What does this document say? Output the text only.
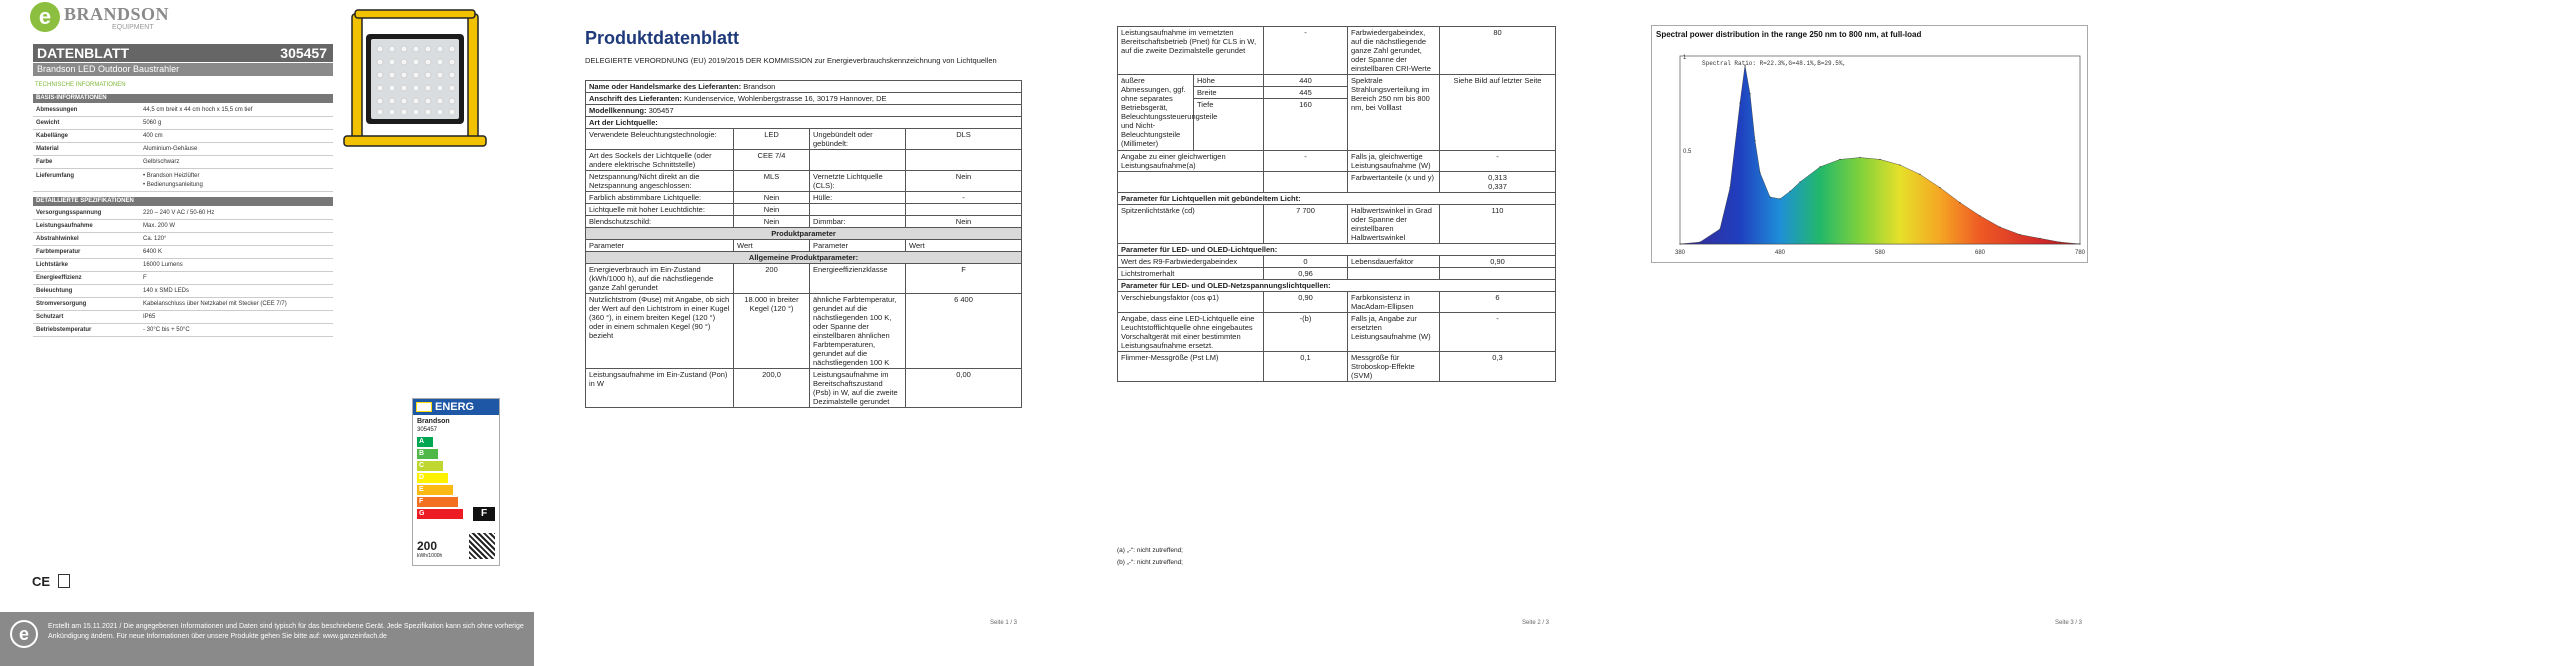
e BRANDSON
EQUIPMENT
DATENBLATT	305457
Brandson LED Outdoor Baustrahler
TECHNISCHE INFORMATIONEN
BASIS-INFORMATIONEN
Abmessungen	44,5 cm breit x 44 cm hoch x 15,5 cm tief
Gewicht	5060 g
Kabellänge	400 cm
Material	Aluminium-Gehäuse
Farbe	Gelb/schwarz
Lieferumfang	• Brandson Heizlüfter
• Bedienungsanleitung
DETAILLIERTE SPEZIFIKATIONEN
Versorgungsspannung	220 – 240 V AC / 50-60 Hz
Leistungsaufnahme	Max. 200 W
Abstrahlwinkel	Ca. 120°
Farbtemperatur	6400 K
Lichtstärke	16000 Lumens
Energieeffizienz	F
Beleuchtung	140 x SMD LEDs
Stromversorgung	Kabelanschluss über Netzkabel mit Stecker (CEE 7/7)
Schutzart	IP65
Betriebstemperatur	- 30°C bis + 50°C
ENERG
Brandson
305457
A
B
C
D
E
F
G	F
200
kWh/1000h
CE
Erstellt am 15.11.2021 / Die angegebenen Informationen und Daten sind typisch für das beschriebene Gerät. Jede Spezifikation kann sich ohne vorherige Ankündigung ändern. Für neue Informationen über unsere Produkte gehen Sie bitte auf: www.ganzeinfach.de
e
Produktdatenblatt
DELEGIERTE VERORDNUNG (EU) 2019/2015 DER KOMMISSION zur Energieverbrauchskennzeichnung von Lichtquellen
Name oder Handelsmarke des Lieferanten: Brandson			
Anschrift des Lieferanten: Kundenservice, Wohlenbergstrasse 16, 30179 Hannover, DE			
Modellkennung: 305457			
Art der Lichtquelle:			
Verwendete Beleuchtungstechnologie:	LED	Ungebündelt oder gebündelt:	DLS
Art des Sockels der Lichtquelle (oder andere elektrische Schnittstelle)	CEE 7/4		
Netzspannung/Nicht direkt an die Netzspannung angeschlossen:	MLS	Vernetzte Lichtquelle (CLS):	Nein
Farblich abstimmbare Lichtquelle:	Nein	Hülle:	-
Lichtquelle mit hoher Leuchtdichte:	Nein		
Blendschutzschild:	Nein	Dimmbar:	Nein
Produktparameter			
Parameter	Wert	Parameter	Wert
Allgemeine Produktparameter:			
Energieverbrauch im Ein-Zustand (kWh/1000 h), auf die nächstliegende ganze Zahl gerundet	200	Energieeffizienzklasse	F
Nutzlichtstrom (Φuse) mit Angabe, ob sich der Wert auf den Lichtstrom in einer Kugel (360 °), in einem breiten Kegel (120 °) oder in einem schmalen Kegel (90 °) bezieht	18.000 in breiter Kegel (120 °)	ähnliche Farbtemperatur, gerundet auf die nächstliegenden 100 K, oder Spanne der einstellbaren ähnlichen Farbtemperaturen, gerundet auf die nächstliegenden 100 K	6 400
Leistungsaufnahme im Ein-Zustand (Pon) in W	200,0	Leistungsaufnahme im Bereitschaftszustand (Psb) in W, auf die zweite Dezimalstelle gerundet	0,00
Seite 1 / 3
Leistungsaufnahme im vernetzten Bereitschaftsbetrieb (Pnet) für CLS in W, auf die zweite Dezimalstelle gerundet		-	Farbwiedergabeindex, auf die nächstliegende ganze Zahl gerundet, oder Spanne der einstellbaren CRI-Werte	80
äußere Abmessungen, ggf. ohne separates Betriebsgerät, Beleuchtungssteuerungsteile und Nicht-Beleuchtungsteile (Millimeter)	Höhe	440	Spektrale Strahlungsverteilung im Bereich 250 nm bis 800 nm, bei Volllast	Siehe Bild auf letzter Seite
	Breite	445		
	Tiefe	160		
Angabe zu einer gleichwertigen Leistungsaufnahme(a)		-	Falls ja, gleichwertige Leistungsaufnahme (W)	-
			Farbwertanteile (x und y)	0,313
0,337
Parameter für Lichtquellen mit gebündeltem Licht:				
Spitzenlichtstärke (cd)		7 700	Halbwertswinkel in Grad oder Spanne der einstellbaren Halbwertswinkel	110
Parameter für LED- und OLED-Lichtquellen:				
Wert des R9-Farbwiedergabeindex		0	Lebensdauerfaktor	0,90
Lichtstromerhalt		0,96		
Parameter für LED- und OLED-Netzspannungslichtquellen:				
Verschiebungsfaktor (cos φ1)		0,90	Farbkonsistenz in MacAdam-Ellipsen	6
Angabe, dass eine LED-Lichtquelle eine Leuchtstofflichtquelle ohne eingebautes Vorschaltgerät mit einer bestimmten Leistungsaufnahme ersetzt.		-(b)	Falls ja, Angabe zur ersetzten Leistungsaufnahme (W)	-
Flimmer-Messgröße (Pst LM)		0,1	Messgröße für Stroboskop-Effekte (SVM)	0,3
(a) „-“: nicht zutreffend;
(b) „-“: nicht zutreffend;
Seite 2 / 3
Spectral power distribution in the range 250 nm to 800 nm, at full-load
380	480	580	680	780
0.5
1
Spectral Ratio: R=22.3%,G=48.1%,B=29.5%,
Seite 3 / 3
